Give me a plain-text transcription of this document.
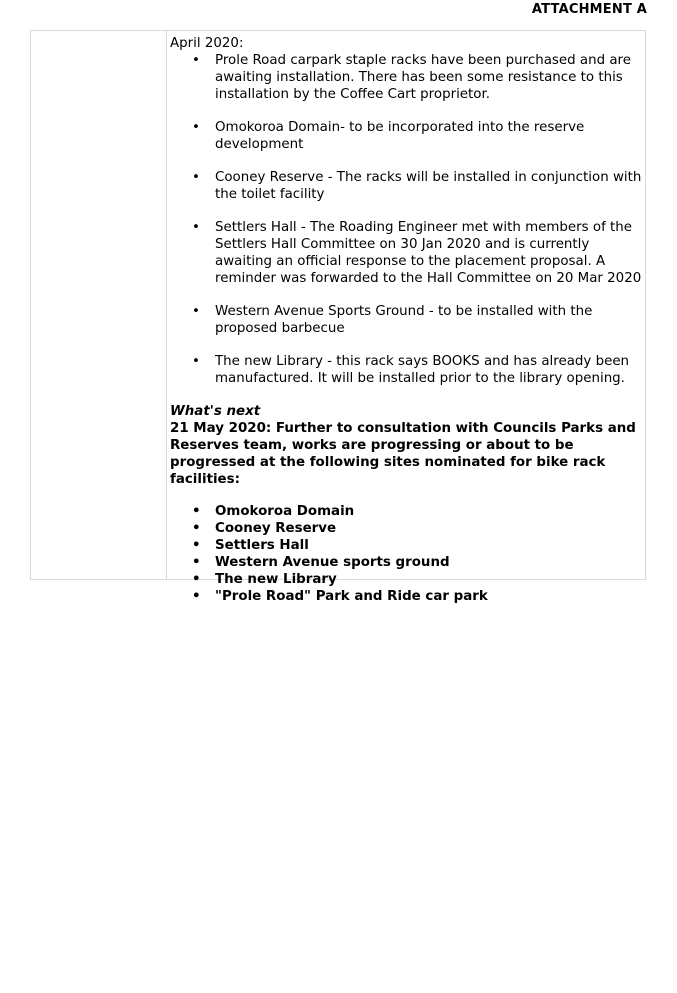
ATTACHMENT A

April 2020:

• Prole Road carpark staple racks have been purchased and are awaiting installation. There has been some resistance to this installation by the Coffee Cart proprietor.
• Omokoroa Domain- to be incorporated into the reserve development
• Cooney Reserve - The racks will be installed in conjunction with the toilet facility
• Settlers Hall - The Roading Engineer met with members of the Settlers Hall Committee on 30 Jan 2020 and is currently awaiting an official response to the placement proposal. A reminder was forwarded to the Hall Committee on 20 Mar 2020
• Western Avenue Sports Ground - to be installed with the proposed barbecue
• The new Library - this rack says BOOKS and has already been manufactured. It will be installed prior to the library opening.
What's next

21 May 2020: Further to consultation with Councils Parks and Reserves team, works are progressing or about to be progressed at the following sites nominated for bike rack facilities:

• Omokoroa Domain
• Cooney Reserve
• Settlers Hall
• Western Avenue sports ground
• The new Library
• "Prole Road" Park and Ride car park
